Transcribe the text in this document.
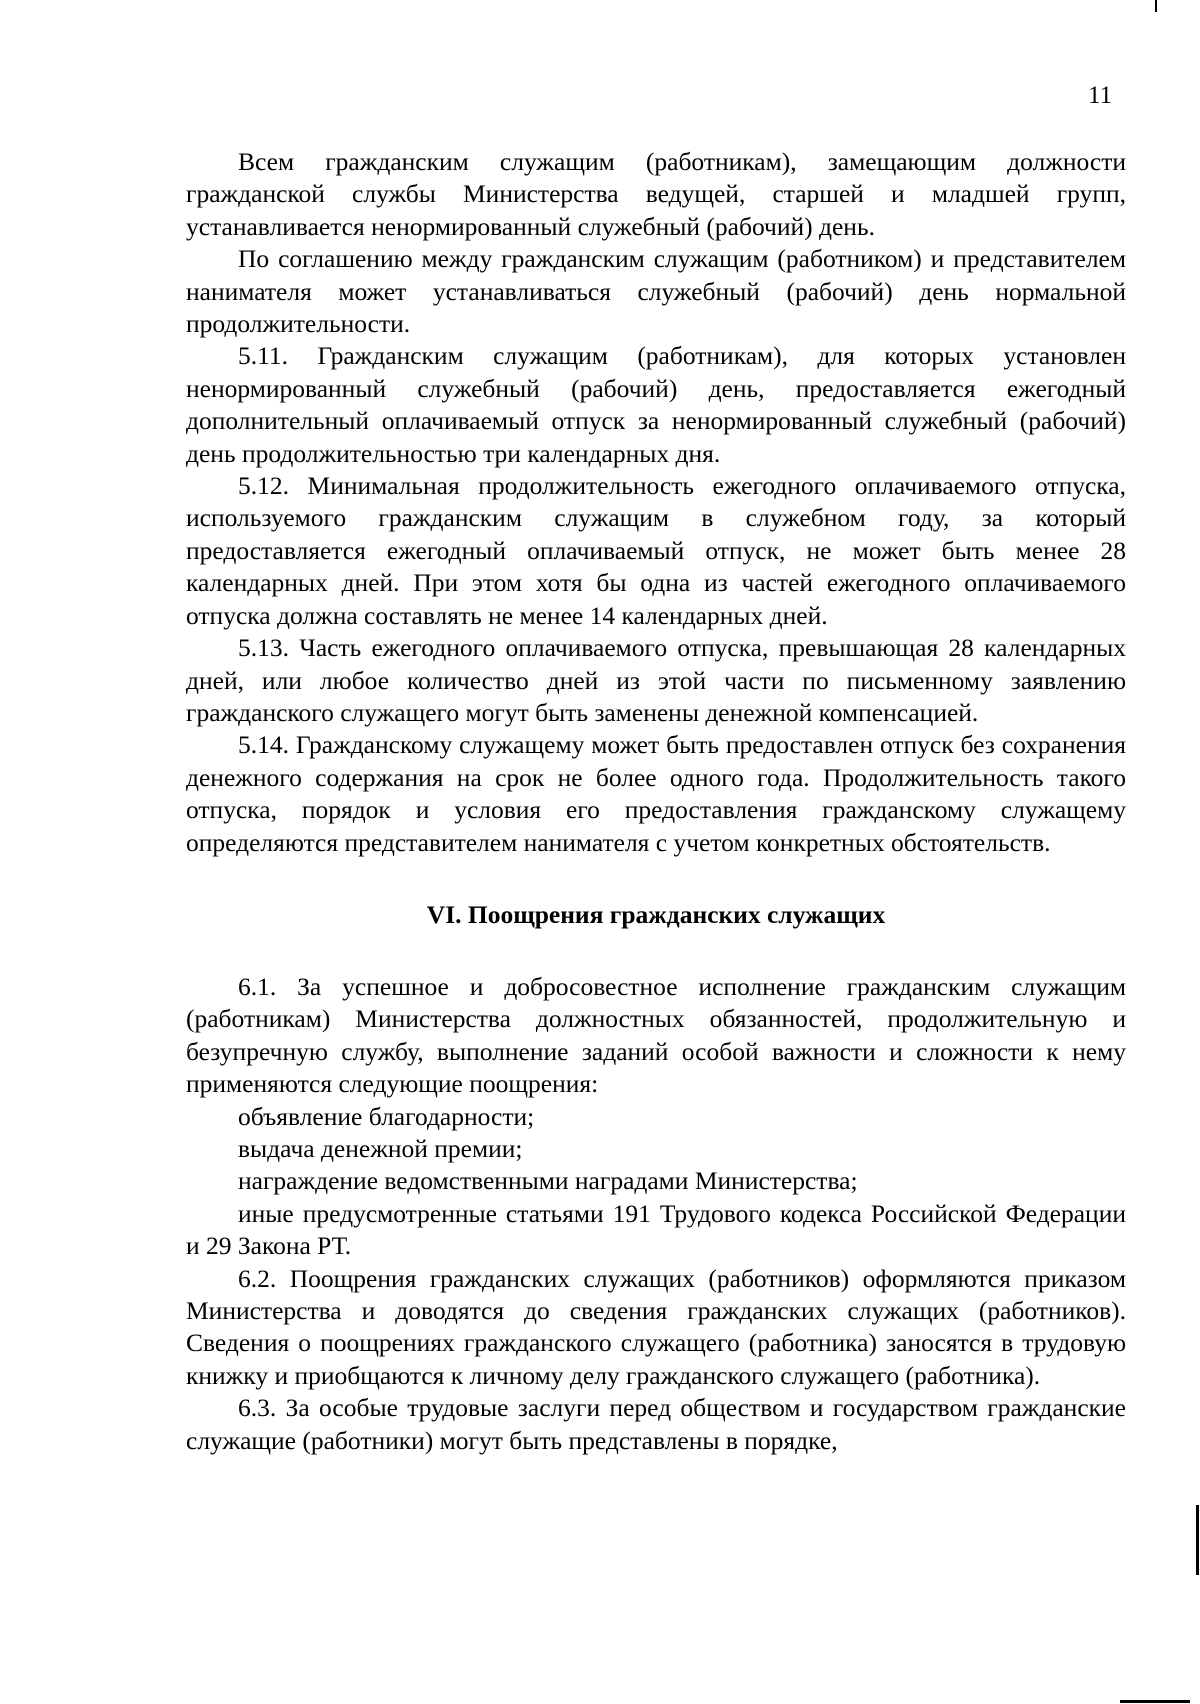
11

Всем гражданским служащим (работникам), замещающим должности гражданской службы Министерства ведущей, старшей и младшей групп, устанавливается ненормированный служебный (рабочий) день.

По соглашению между гражданским служащим (работником) и представителем нанимателя может устанавливаться служебный (рабочий) день нормальной продолжительности.

5.11. Гражданским служащим (работникам), для которых установлен ненормированный служебный (рабочий) день, предоставляется ежегодный дополнительный оплачиваемый отпуск за ненормированный служебный (рабочий) день продолжительностью три календарных дня.

5.12. Минимальная продолжительность ежегодного оплачиваемого отпуска, используемого гражданским служащим в служебном году, за который предоставляется ежегодный оплачиваемый отпуск, не может быть менее 28 календарных дней. При этом хотя бы одна из частей ежегодного оплачиваемого отпуска должна составлять не менее 14 календарных дней.

5.13. Часть ежегодного оплачиваемого отпуска, превышающая 28 календарных дней, или любое количество дней из этой части по письменному заявлению гражданского служащего могут быть заменены денежной компенсацией.

5.14. Гражданскому служащему может быть предоставлен отпуск без сохранения денежного содержания на срок не более одного года. Продолжительность такого отпуска, порядок и условия его предоставления гражданскому служащему определяются представителем нанимателя с учетом конкретных обстоятельств.

VI. Поощрения гражданских служащих

6.1. За успешное и добросовестное исполнение гражданским служащим (работникам) Министерства должностных обязанностей, продолжительную и безупречную службу, выполнение заданий особой важности и сложности к нему применяются следующие поощрения:

объявление благодарности;

выдача денежной премии;

награждение ведомственными наградами Министерства;

иные предусмотренные статьями 191 Трудового кодекса Российской Федерации и 29 Закона РТ.

6.2. Поощрения гражданских служащих (работников) оформляются приказом Министерства и доводятся до сведения гражданских служащих (работников). Сведения о поощрениях гражданского служащего (работника) заносятся в трудовую книжку и приобщаются к личному делу гражданского служащего (работника).

6.3. За особые трудовые заслуги перед обществом и государством гражданские служащие (работники) могут быть представлены в порядке,
